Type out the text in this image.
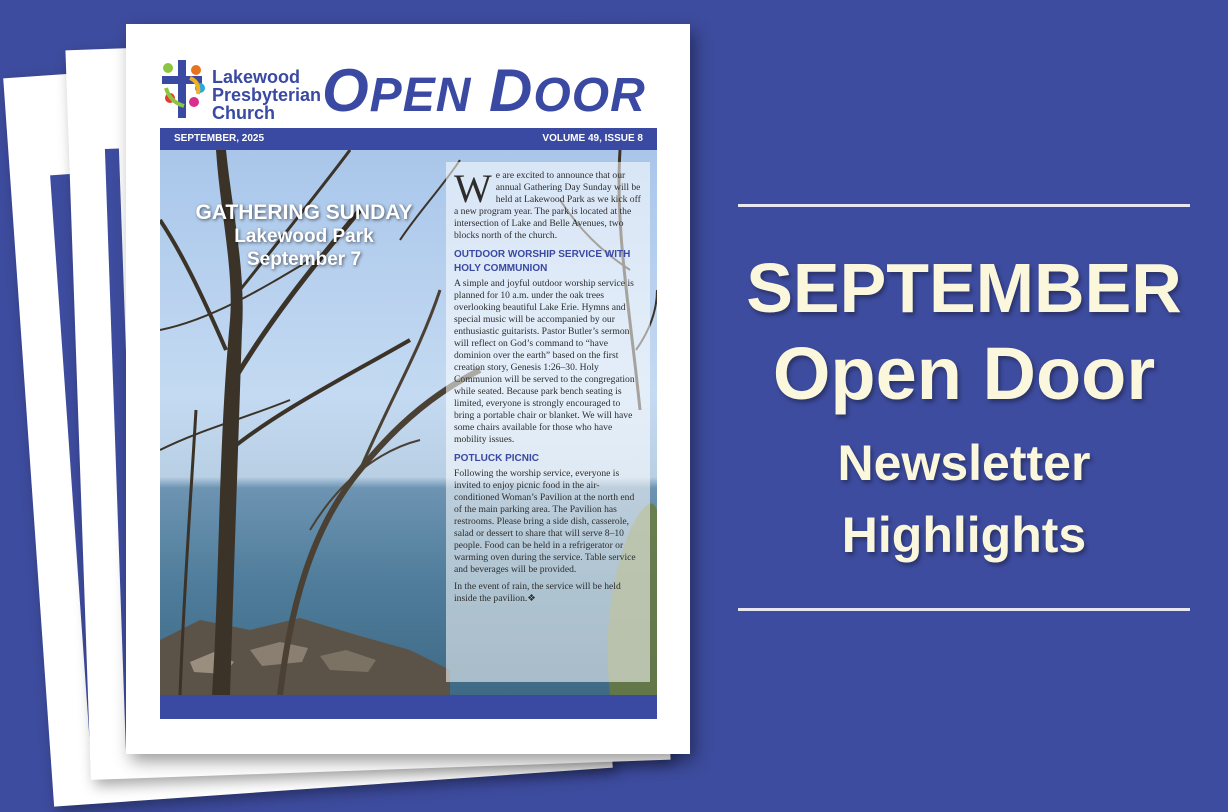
Lakewood
Presbyterian
Church OPEN DOOR
SEPTEMBER, 2025	VOLUME 49, ISSUE 8
GATHERING SUNDAY
Lakewood Park
September 7

We are excited to announce that our annual Gathering Day Sunday will be held at Lakewood Park as we kick off a new program year. The park is located at the intersection of Lake and Belle Avenues, two blocks north of the church.

OUTDOOR WORSHIP SERVICE WITH HOLY COMMUNION

A simple and joyful outdoor worship service is planned for 10 a.m. under the oak trees overlooking beautiful Lake Erie. Hymns and special music will be accompanied by our enthusiastic guitarists. Pastor Butler’s sermon will reflect on God’s command to “have dominion over the earth” based on the first creation story, Genesis 1:26–30. Holy Communion will be served to the congregation while seated. Because park bench seating is limited, everyone is strongly encouraged to bring a portable chair or blanket. We will have some chairs available for those who have mobility issues.

POTLUCK PICNIC

Following the worship service, everyone is invited to enjoy picnic food in the air-conditioned Woman’s Pavilion at the north end of the main parking area. The Pavilion has restrooms. Please bring a side dish, casserole, salad or dessert to share that will serve 8–10 people. Food can be held in a refrigerator or warming oven during the service. Table service and beverages will be provided.

In the event of rain, the service will be held inside the pavilion.❖

SEPTEMBER
Open Door
Newsletter
Highlights
